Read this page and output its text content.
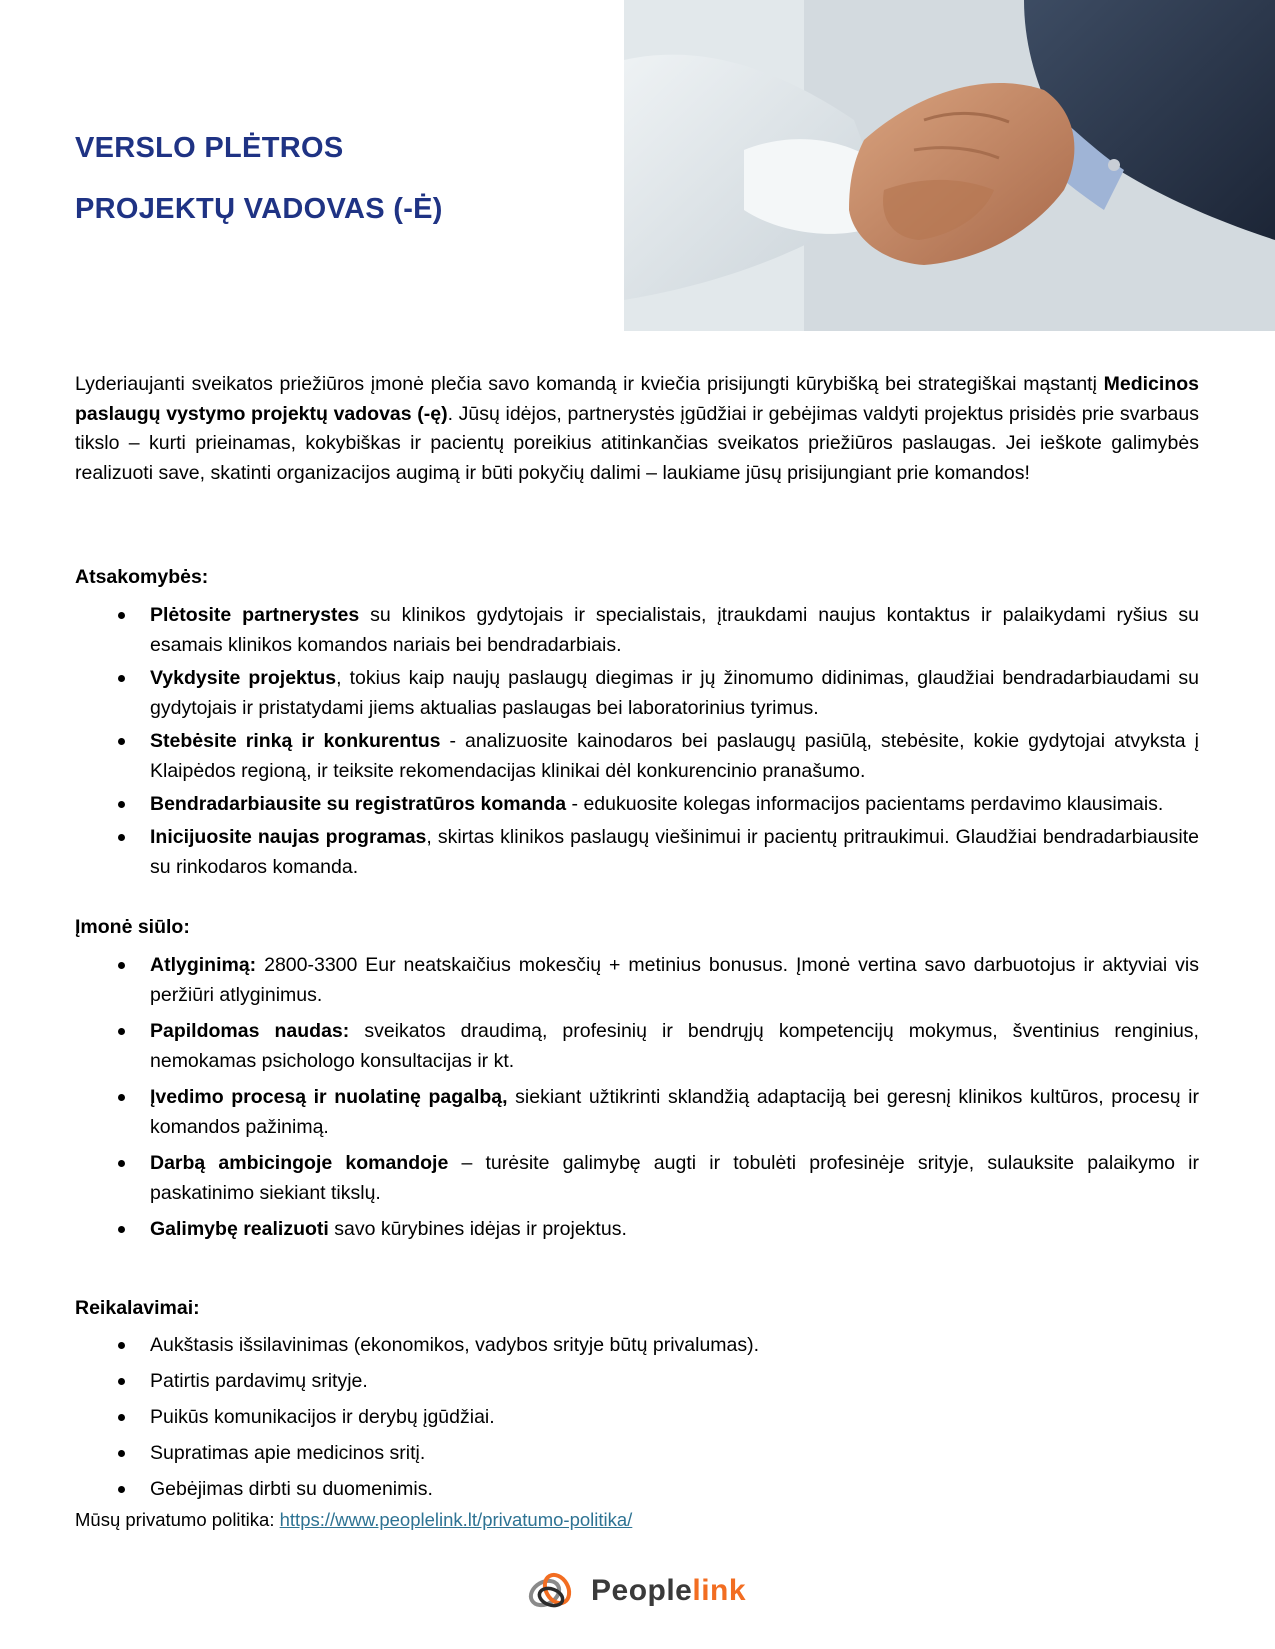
VERSLO PLĖTROS
PROJEKTŲ VADOVAS (-Ė)

Lyderiaujanti sveikatos priežiūros įmonė plečia savo komandą ir kviečia prisijungti kūrybišką bei strategiškai mąstantį Medicinos paslaugų vystymo projektų vadovas (-ę). Jūsų idėjos, partnerystės įgūdžiai ir gebėjimas valdyti projektus prisidės prie svarbaus tikslo – kurti prieinamas, kokybiškas ir pacientų poreikius atitinkančias sveikatos priežiūros paslaugas. Jei ieškote galimybės realizuoti save, skatinti organizacijos augimą ir būti pokyčių dalimi – laukiame jūsų prisijungiant prie komandos!

Atsakomybės:
Plėtosite partnerystes su klinikos gydytojais ir specialistais, įtraukdami naujus kontaktus ir palaikydami ryšius su esamais klinikos komandos nariais bei bendradarbiais.
Vykdysite projektus, tokius kaip naujų paslaugų diegimas ir jų žinomumo didinimas, glaudžiai bendradarbiaudami su gydytojais ir pristatydami jiems aktualias paslaugas bei laboratorinius tyrimus.
Stebėsite rinką ir konkurentus - analizuosite kainodaros bei paslaugų pasiūlą, stebėsite, kokie gydytojai atvyksta į Klaipėdos regioną, ir teiksite rekomendacijas klinikai dėl konkurencinio pranašumo.
Bendradarbiausite su registratūros komanda - edukuosite kolegas informacijos pacientams perdavimo klausimais.
Inicijuosite naujas programas, skirtas klinikos paslaugų viešinimui ir pacientų pritraukimui. Glaudžiai bendradarbiausite su rinkodaros komanda.
Įmonė siūlo:
Atlyginimą: 2800-3300 Eur neatskaičius mokesčių + metinius bonusus. Įmonė vertina savo darbuotojus ir aktyviai vis peržiūri atlyginimus.
Papildomas naudas: sveikatos draudimą, profesinių ir bendrųjų kompetencijų mokymus, šventinius renginius, nemokamas psichologo konsultacijas ir kt.
Įvedimo procesą ir nuolatinę pagalbą, siekiant užtikrinti sklandžią adaptaciją bei geresnį klinikos kultūros, procesų ir komandos pažinimą.
Darbą ambicingoje komandoje – turėsite galimybę augti ir tobulėti profesinėje srityje, sulauksite palaikymo ir paskatinimo siekiant tikslų.
Galimybę realizuoti savo kūrybines idėjas ir projektus.
Reikalavimai:
Aukštasis išsilavinimas (ekonomikos, vadybos srityje būtų privalumas).
Patirtis pardavimų srityje.
Puikūs komunikacijos ir derybų įgūdžiai.
Supratimas apie medicinos sritį.
Gebėjimas dirbti su duomenimis.
Mūsų privatumo politika: https://www.peoplelink.lt/privatumo-politika/
Peoplelink
